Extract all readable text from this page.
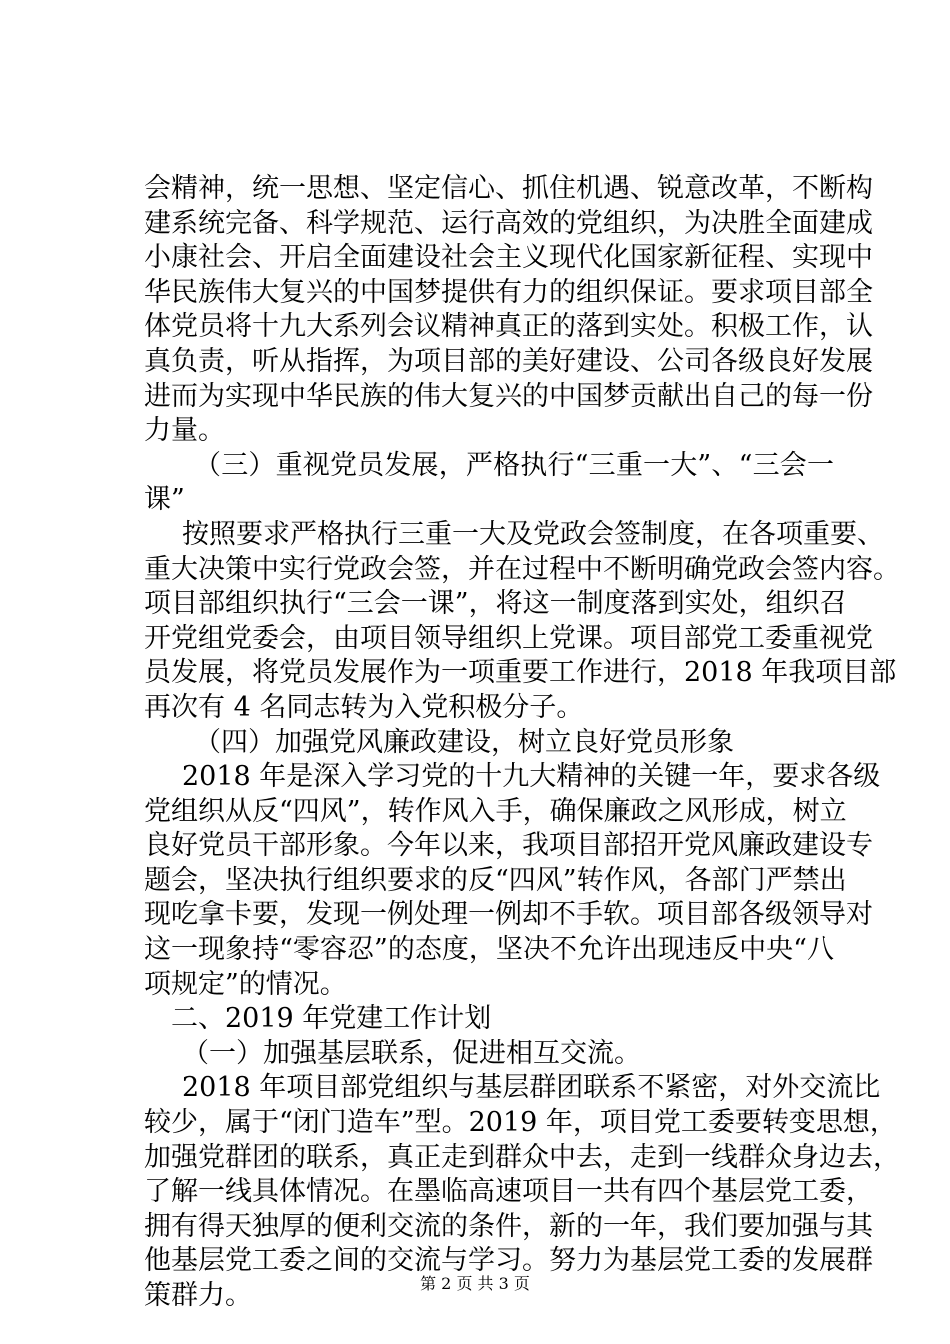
会精神，统一思想、坚定信心、抓住机遇、锐意改革，不断构
建系统完备、科学规范、运行高效的党组织，为决胜全面建成
小康社会、开启全面建设社会主义现代化国家新征程、实现中
华民族伟大复兴的中国梦提供有力的组织保证。要求项目部全
体党员将十九大系列会议精神真正的落到实处。积极工作，认
真负责，听从指挥，为项目部的美好建设、公司各级良好发展
进而为实现中华民族的伟大复兴的中国梦贡献出自己的每一份
力量。
（三）重视党员发展，严格执行“三重一大”、“三会一
课”
按照要求严格执行三重一大及党政会签制度，在各项重要、
重大决策中实行党政会签，并在过程中不断明确党政会签内容。
项目部组织执行“三会一课”，将这一制度落到实处，组织召
开党组党委会，由项目领导组织上党课。项目部党工委重视党
员发展，将党员发展作为一项重要工作进行，2018 年我项目部
再次有 4 名同志转为入党积极分子。
（四）加强党风廉政建设，树立良好党员形象
2018 年是深入学习党的十九大精神的关键一年，要求各级
党组织从反“四风”，转作风入手，确保廉政之风形成，树立
良好党员干部形象。今年以来，我项目部招开党风廉政建设专
题会，坚决执行组织要求的反“四风”转作风，各部门严禁出
现吃拿卡要，发现一例处理一例却不手软。项目部各级领导对
这一现象持“零容忍”的态度，坚决不允许出现违反中央“八
项规定”的情况。
二、2019 年党建工作计划
（一）加强基层联系，促进相互交流。
2018 年项目部党组织与基层群团联系不紧密，对外交流比
较少，属于“闭门造车”型。2019 年，项目党工委要转变思想，
加强党群团的联系，真正走到群众中去，走到一线群众身边去，
了解一线具体情况。在墨临高速项目一共有四个基层党工委，
拥有得天独厚的便利交流的条件，新的一年，我们要加强与其
他基层党工委之间的交流与学习。努力为基层党工委的发展群
策群力。	第 2 页 共 3 页
